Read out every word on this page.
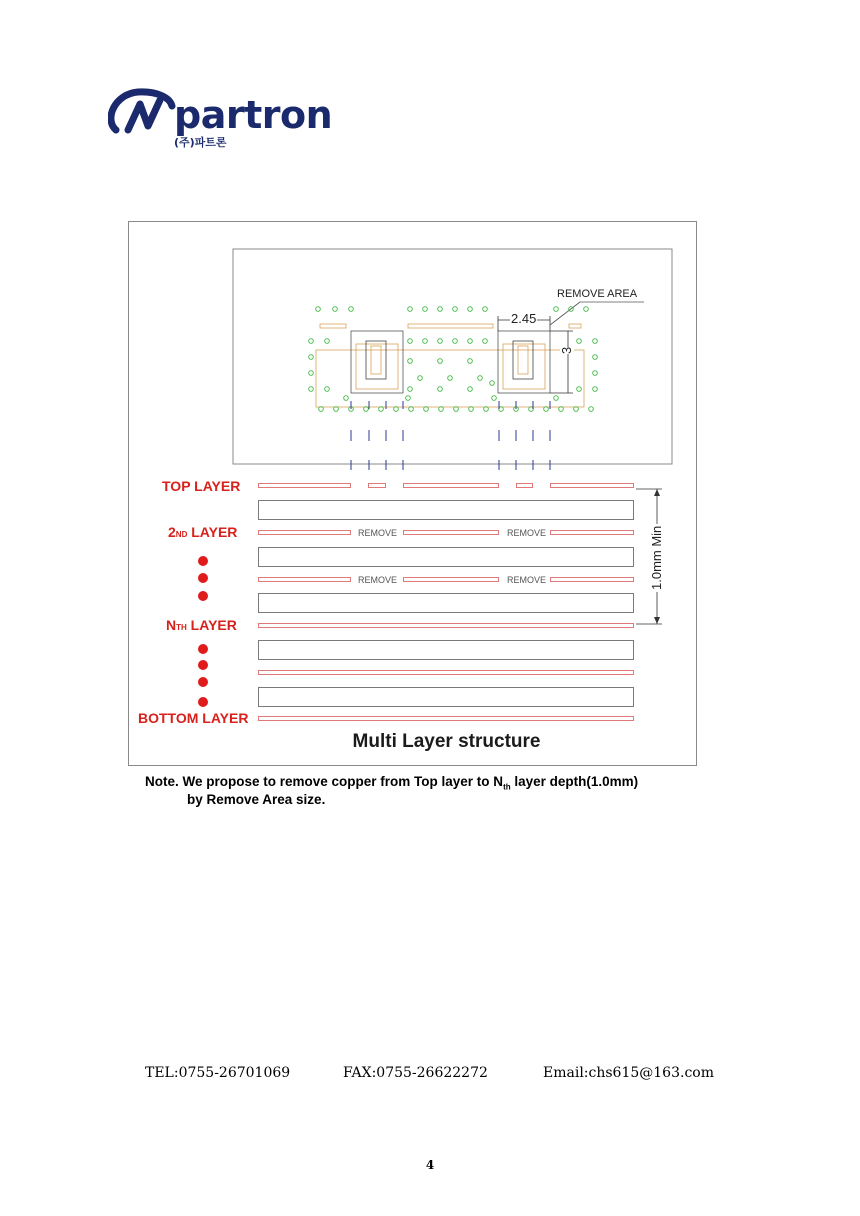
partron
(주)파트론
REMOVE AREA
2.45
3
1.0mm Min
TOP LAYER
2ND LAYER
NTH LAYER
BOTTOM LAYER
REMOVE	REMOVE
REMOVE	REMOVE
Multi Layer structure
Note. We propose to remove copper from Top layer to $N_{th}$ layer depth(1.0mm)
by Remove Area size.
TEL:0755-26701069	FAX:0755-26622272	Email:chs615@163.com
4
